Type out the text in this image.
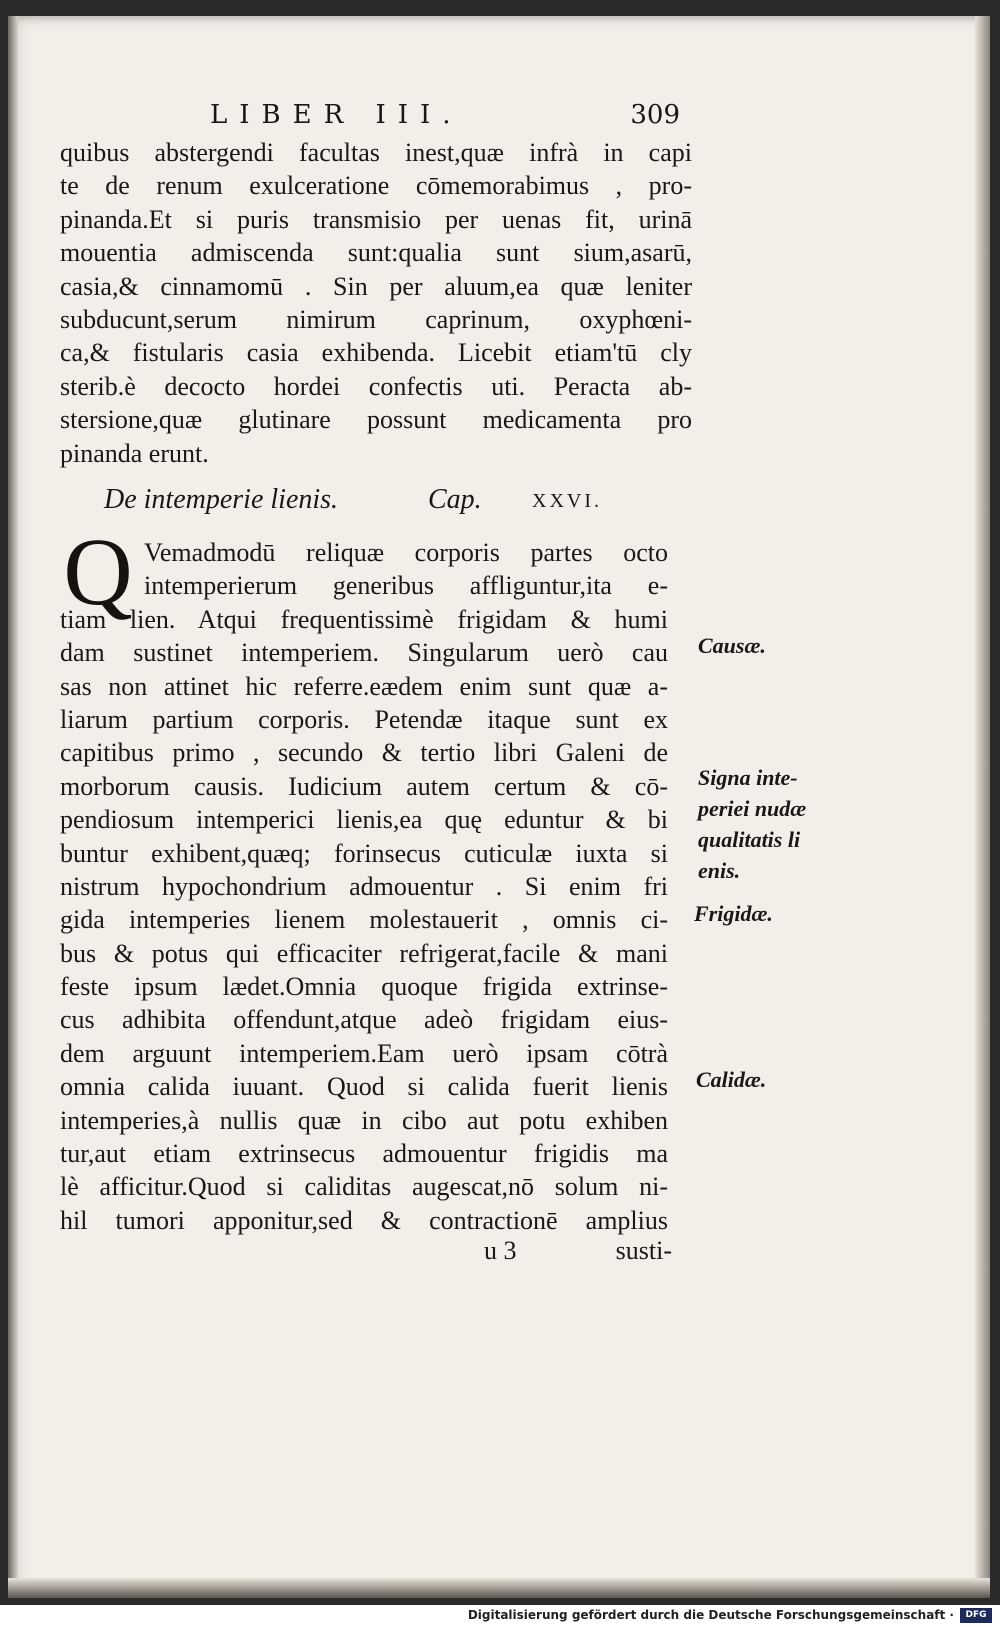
LIBER III.	309
quibus abstergendi facultas inest,quæ infrà in capi
te de renum exulceratione cōmemorabimus , pro-
pinanda.Et si puris transmisio per uenas fit, urinā
mouentia admiscenda sunt:qualia sunt sium,asarū,
casia,& cinnamomū . Sin per aluum,ea quæ leniter
subducunt,serum nimirum caprinum, oxyphœni-
ca,& fistularis casia exhibenda. Licebit etiam'tū cly
sterib.è decocto hordei confectis uti. Peracta ab-
stersione,quæ glutinare possunt medicamenta pro
pinanda erunt.
De intemperie lienis.	Cap.	XXVI.
Q Vemadmodū reliquæ corporis partes octo
intemperierum generibus affliguntur,ita e-
tiam lien. Atqui frequentissimè frigidam & humi
dam sustinet intemperiem. Singularum uerò cau
sas non attinet hic referre.eædem enim sunt quæ a-
liarum partium corporis. Petendæ itaque sunt ex
capitibus primo , secundo & tertio libri Galeni de
morborum causis. Iudicium autem certum & cō-
pendiosum intemperici lienis,ea quę eduntur & bi
buntur exhibent,quæq; forinsecus cuticulæ iuxta si
nistrum hypochondrium admouentur . Si enim fri
gida intemperies lienem molestauerit , omnis ci-
bus & potus qui efficaciter refrigerat,facile & mani
feste ipsum lædet.Omnia quoque frigida extrinse-
cus adhibita offendunt,atque adeò frigidam eius-
dem arguunt intemperiem.Eam uerò ipsam cōtrà
omnia calida iuuant. Quod si calida fuerit lienis
intemperies,à nullis quæ in cibo aut potu exhiben
tur,aut etiam extrinsecus admouentur frigidis ma
lè afficitur.Quod si caliditas augescat,nō solum ni-
hil tumori apponitur,sed & contractionē amplius
Causæ.
Signa inte-
periei nudæ
qualitatis li
enis.
Frigidæ.
Calidæ.
u 3	susti-
Digitalisierung gefördert durch die Deutsche Forschungsgemeinschaft ·	DFG
